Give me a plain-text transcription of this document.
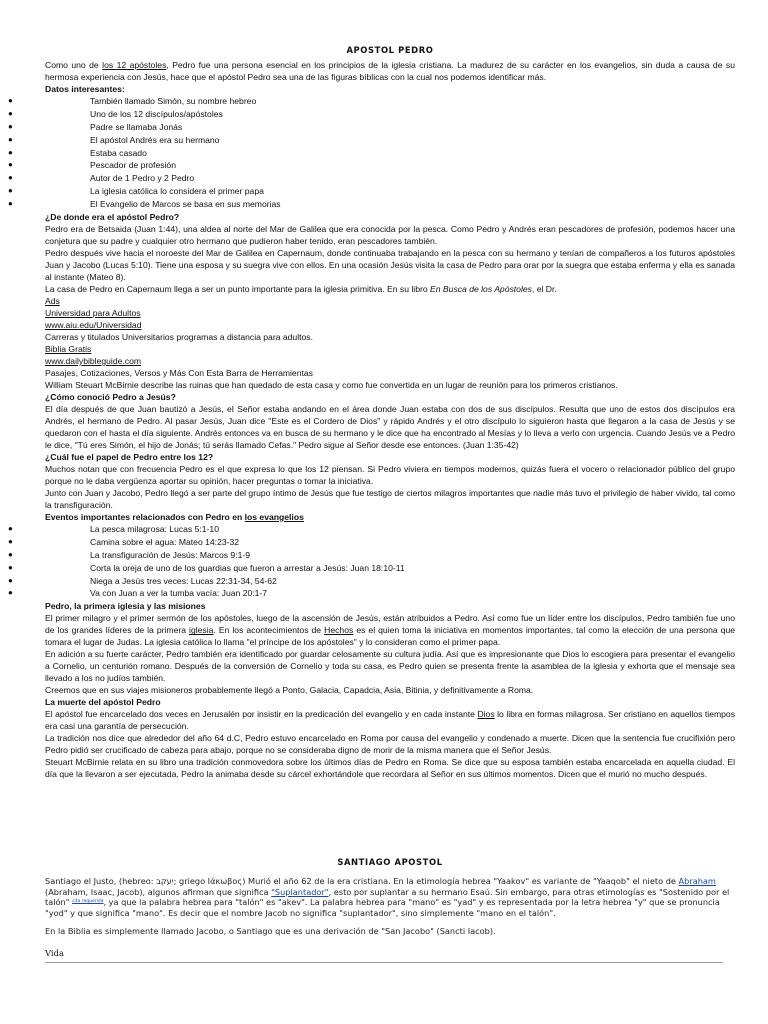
APOSTOL PEDRO

Como uno de los 12 apóstoles, Pedro fue una persona esencial en los principios de la iglesia cristiana. La madurez de su carácter en los evangelios, sin duda a causa de su hermosa experiencia con Jesús, hace que el apóstol Pedro sea una de las figuras bíblicas con la cual nos podemos identificar más.

Datos interesantes:

●	También llamado Simón, su nombre hebreo
●	Uno de los 12 discípulos/apóstoles
●	Padre se llamaba Jonás
●	El apóstol Andrés era su hermano
●	Estaba casado
●	Pescador de profesión
●	Autor de 1 Pedro y 2 Pedro
●	La iglesia católica lo considera el primer papa
●	El Evangelio de Marcos se basa en sus memorias

¿De donde era el apóstol Pedro?

Pedro era de Betsaida (Juan 1:44), una aldea al norte del Mar de Galilea que era conocida por la pesca. Como Pedro y Andrés eran pescadores de profesión, podemos hacer una conjetura que su padre y cualquier otro hermano que pudieron haber tenido, eran pescadores también.

Pedro después vive hacia el noroeste del Mar de Galilea en Capernaum, donde continuaba trabajando en la pesca con su hermano y tenían de compañeros a los futuros apóstoles Juan y Jacobo (Lucas 5:10). Tiene una esposa y su suegra vive con ellos. En una ocasión Jesús visita la casa de Pedro para orar por la suegra que estaba enferma y ella es sanada al instante (Mateo 8).

La casa de Pedro en Capernaum llega a ser un punto importante para la iglesia primitiva. En su libro En Busca de los Apóstoles, el Dr.

Ads

Universidad para Adultos

www.aiu.edu/Universidad

Carreras y titulados Universitarios programas a distancia para adultos.

Biblia Gratis

www.dailybibleguide.com

Pasajes, Cotizaciones, Versos y Más Con Esta Barra de Herramientas

William Steuart McBirnie describe las ruinas que han quedado de esta casa y como fue convertida en un lugar de reunión para los primeros cristianos.

¿Cómo conoció Pedro a Jesús?

El día después de que Juan bautizó a Jesús, el Señor estaba andando en el área donde Juan estaba con dos de sus discípulos. Resulta que uno de estos dos discípulos era Andrés, el hermano de Pedro. Al pasar Jesús, Juan dice "Este es el Cordero de Dios" y rápido Andrés y el otro discípulo lo siguieron hasta que llegaron a la casa de Jesús y se quedaron con el hasta el día siguiente. Andrés entonces va en busca de su hermano y le dice que ha encontrado al Mesías y lo lleva a verlo con urgencia. Cuando Jesús ve a Pedro le dice, "Tú eres Simón, el hijo de Jonás; tú serás llamado Cefas." Pedro sigue al Señor desde ese entonces. (Juan 1:35-42)

¿Cuál fue el papel de Pedro entre los 12?

Muchos notan que con frecuencia Pedro es el que expresa lo que los 12 piensan. Si Pedro viviera en tiempos modernos, quizás fuera el vocero o relacionador público del grupo porque no le daba vergüenza aportar su opinión, hacer preguntas o tomar la iniciativa.

Junto con Juan y Jacobo, Pedro llegó a ser parte del grupo íntimo de Jesús que fue testigo de ciertos milagros importantes que nadie más tuvo el privilegio de haber vivido, tal como la transfiguración.

Eventos importantes relacionados con Pedro en los evangelios

●	La pesca milagrosa: Lucas 5:1-10
●	Camina sobre el agua: Mateo 14:23-32
●	La transfiguración de Jesús: Marcos 9:1-9
●	Corta la oreja de uno de los guardias que fueron a arrestar a Jesús: Juan 18:10-11
●	Niega a Jesús tres veces: Lucas 22:31-34, 54-62
●	Va con Juan a ver la tumba vacía: Juan 20:1-7

Pedro, la primera iglesia y las misiones

El primer milagro y el primer sermón de los apóstoles, luego de la ascensión de Jesús, están atribuidos a Pedro. Así como fue un líder entre los discípulos, Pedro también fue uno de los grandes líderes de la primera iglesia. En los acontecimientos de Hechos es el quien toma la iniciativa en momentos importantes, tal como la elección de una persona que tomara el lugar de Judas. La iglesia católica lo llama "el príncipe de los apóstoles" y lo consideran como el primer papa.

En adición a su fuerte carácter, Pedro también era identificado por guardar celosamente su cultura judía. Así que es impresionante que Dios lo escogiera para presentar el evangelio a Cornelio, un centurión romano. Después de la conversión de Cornelio y toda su casa, es Pedro quien se presenta frente la asamblea de la iglesia y exhorta que el mensaje sea llevado a los no judíos también.

Creemos que en sus viajes misioneros probablemente llegó a Ponto, Galacia, Capadcia, Asia, Bitinia, y definitivamente a Roma.

La muerte del apóstol Pedro

El apóstol fue encarcelado dos veces en Jerusalén por insistir en la predicación del evangelio y en cada instante Dios lo libra en formas milagrosa. Ser cristiano en aquellos tiempos era casi una garantía de persecución.

La tradición nos dice que alrededor del año 64 d.C, Pedro estuvo encarcelado en Roma por causa del evangelio y condenado a muerte. Dicen que la sentencia fue crucifixión pero Pedro pidió ser crucificado de cabeza para abajo, porque no se consideraba digno de morir de la misma manera que el Señor Jesús.

Steuart McBirnie relata en su libro una tradición conmovedora sobre los últimos días de Pedro en Roma. Se dice que su esposa también estaba encarcelada en aquella ciudad. El día que la llevaron a ser ejecutada, Pedro la animaba desde su cárcel exhortándole que recordara al Señor en sus últimos momentos. Dicen que el murió no mucho después.

SANTIAGO APOSTOL

Santiago el Justo, (hebreo: יעקב; griego Ιάκωβος) Murió el año 62 de la era cristiana. En la etimología hebrea "Yaakov" es variante de "Yaaqob" el nieto de Abraham (Abraham, Isaac, Jacob), algunos afirman que significa "Suplantador", esto por suplantar a su hermano Esaú. Sin embargo, para otras etimologías es "Sostenido por el talón" $^{cita requerida}$, ya que la palabra hebrea para "talón" es "akev". La palabra hebrea para "mano" es "yad" y es representada por la letra hebrea "y" que se pronuncia "yod" y que significa "mano". Es decir que el nombre Jacob no significa "suplantador", sino simplemente "mano en el talón".

En la Biblia es simplemente llamado Jacobo, o Santiago que es una derivación de "San Jacobo" (Sancti Iacob).

Vida
